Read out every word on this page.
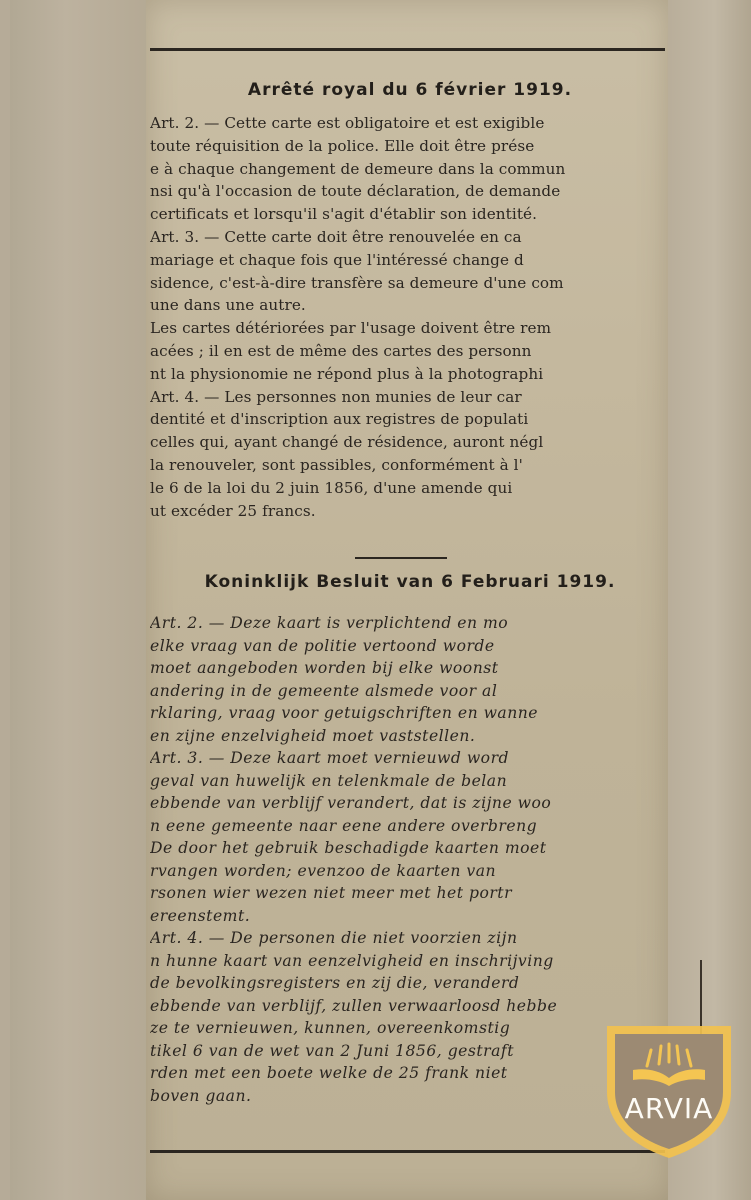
Arrêté royal du 6 février 1919.

Art. 2. — Cette carte est obligatoire et est exigible

toute réquisition de la police. Elle doit être prése

e à chaque changement de demeure dans la commun

nsi qu'à l'occasion de toute déclaration, de demande

certificats et lorsqu'il s'agit d'établir son identité.

Art. 3. — Cette carte doit être renouvelée en ca

mariage et chaque fois que l'intéressé change d

sidence, c'est-à-dire transfère sa demeure d'une com

une dans une autre.

Les cartes détériorées par l'usage doivent être rem

acées ; il en est de même des cartes des personn

nt la physionomie ne répond plus à la photographi

Art. 4. — Les personnes non munies de leur car

dentité et d'inscription aux registres de populati

celles qui, ayant changé de résidence, auront négl

la renouveler, sont passibles, conformément à l'

le 6 de la loi du 2 juin 1856, d'une amende qui

ut excéder 25 francs.

Koninklijk Besluit van 6 Februari 1919.

Art. 2. — Deze kaart is verplichtend en mo

elke vraag van de politie vertoond worde

moet aangeboden worden bij elke woonst

andering in de gemeente alsmede voor al

rklaring, vraag voor getuigschriften en wanne

en zijne enzelvigheid moet vaststellen.

Art. 3. — Deze kaart moet vernieuwd word

geval van huwelijk en telenkmale de belan

ebbende van verblijf verandert, dat is zijne woo

n eene gemeente naar eene andere overbreng

De door het gebruik beschadigde kaarten moet

rvangen worden; evenzoo de kaarten van

rsonen wier wezen niet meer met het portr

ereenstemt.

Art. 4. — De personen die niet voorzien zijn

n hunne kaart van eenzelvigheid en inschrijving

de bevolkingsregisters en zij die, veranderd

ebbende van verblijf, zullen verwaarloosd hebbe

ze te vernieuwen, kunnen, overeenkomstig

tikel 6 van de wet van 2 Juni 1856, gestraft

rden met een boete welke de 25 frank niet

boven gaan.	ARVIA
